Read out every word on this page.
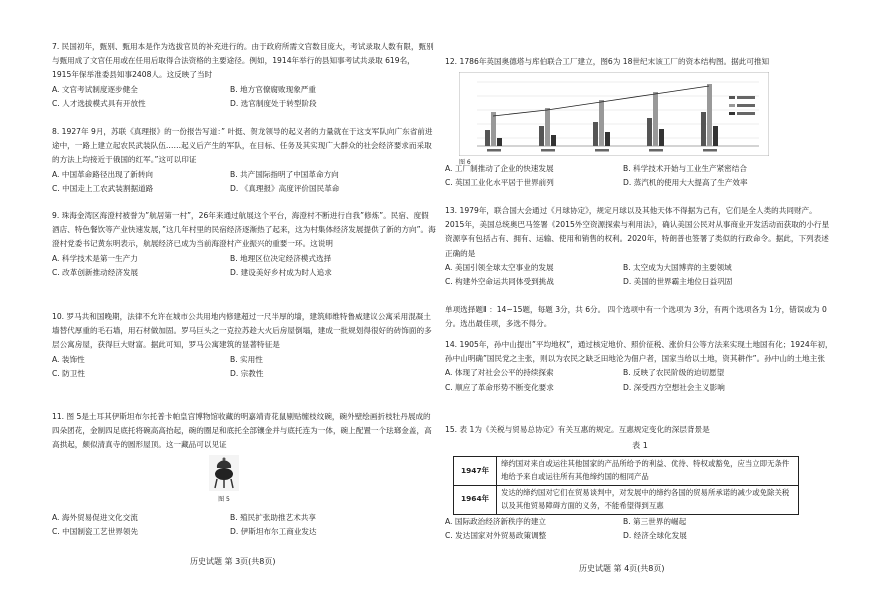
7. 民国初年，甄别、甄用本是作为选拔官员的补充进行的。由于政府所需文官数目庞大，考试录取人数有限，甄别与甄用成了文官任用或在任用后取得合法资格的主要途径。例如，1914年举行的县知事考试共录取 619名， 1915年保举准委县知事2408人。这反映了当时

A. 文官考试制度逐步健全	B. 地方官僚腐败现象严重
C. 人才选拔模式具有开放性	D. 选官制度处于转型阶段

8. 1927年 9月，苏联《真理报》的一份报告写道：” 叶挺、贺龙领导的起义者的力量就在于这支军队向广东省前进途中，一路上建立起农民武装队伍……起义后产生的军队，在目标、任务及其实现广大群众的社会经济要求而采取的方法上均接近于俄国的红军。”这可以印证

A. 中国革命路径出现了新转向	B. 共产国际指明了中国革命方向
C. 中国走上工农武装割据道路	D. 《真理报》高度评价国民革命

9. 珠海金湾区海澄村被誉为”航居第一村”，26年来通过航展这个平台，海澄村不断进行自我”修炼”。民宿、度假酒店、特色餐饮等产业快速发展，”这几年村里的民宿经济逐渐热了起来，这为村集体经济发展提供了新的方向”。海澄村党委书记黄东明表示，航展经济已成为当前海澄村产业振兴的重要一环。这说明

A. 科学技术是第一生产力	B. 地理区位决定经济模式选择
C. 改革创新推动经济发展	D. 建设美好乡村成为时人追求

10. 罗马共和国晚期，法律不允许在城市公共用地内修建超过一尺半厚的墙，建筑师维特鲁威建议公寓采用混凝土墙替代厚重的毛石墙，用石材做加固。罗马巨头之一克拉苏趁大火后房屋倒塌，建成一批规划得很好的砖饰面的多层公寓房屋，获得巨大财富。据此可知，罗马公寓建筑的显著特征是

A. 装饰性	B. 实用性
C. 防卫性	D. 宗教性

11. 图 5是土耳其伊斯坦布尔托普卡帕皇宫博物馆收藏的明嘉靖青花鼠剔贴缠枝纹碗，碗外壁绘画折枝牡丹展成的四朵团花，金制四足底托将碗高高抬起，碗的圈足和底托全部镶金并与底托连为一体，碗上配置一个珐瑯金盖，高高拱起，颇似清真寺的圆形屋顶。这一藏品可以见证

图 5
A. 海外贸易促进文化交流	B. 殖民扩张助推艺术共享
C. 中国制瓷工艺世界领先	D. 伊斯坦布尔工商业发达
历史试题 第 3页(共8页)

12. 1786年英国奥德塔与库伯联合工厂建立，图6为 18世纪末该工厂的资本结构图。据此可推知

图 6
A. 工厂制推动了企业的快速发展	B. 科学技术开始与工业生产紧密结合
C. 英国工业化水平居于世界前列	D. 蒸汽机的使用大大提高了生产效率

13. 1979年，联合国大会通过《月球协定》，规定月球以及其他天体不得据为己有，它们是全人类的共同财产。2015年，美国总统奥巴马签署《2015外空资源探索与利用法》，确认美国公民对从事商业开发活动而获取的小行星资源享有包括占有、拥有、运输、使用和销售的权利。2020年，特朗普也签署了类似的行政命令。据此，下列表述正确的是

A. 美国引领全球太空事业的发展	B. 太空成为大国博弈的主要领域
C. 构建外空命运共同体受到挑战	D. 美国的世界霸主地位日益巩固

单项选择题Ⅱ ：14~15题，每题 3分，共 6分。 四个选项中有一个选项为 3分，有两个选项各为 1分，错误或为 0分。选出最佳项，多选不得分。

14. 1905年，孙中山提出”平均地权”，通过核定地价、照价征税、涨价归公等方法来实现土地国有化；1924年初，孙中山明确”国民党之主张，则以为农民之缺乏田地沦为佃户者，国家当给以土地，资其耕作”。孙中山的土地主张

A. 体现了对社会公平的持续探索	B. 反映了农民阶级的迫切愿望
C. 顺应了革命形势不断变化要求	D. 深受西方空想社会主义影响

15. 表 1为《关税与贸易总协定》有关互惠的规定。互惠规定变化的深层背景是

表 1
1947年	缔约国对来自或运往其他国家的产品所给予的利益、优待、特权或豁免，应当立即无条件地给予来自或运往所有其他缔约国的相同产品
1964年	发达的缔约国对它们在贸易谈判中，对发展中的缔约各国的贸易所承诺的减少或免除关税以及其他贸易障碍方面的义务，不能希望得到互惠
A. 国际政治经济新秩序的建立	B. 第三世界的崛起
C. 发达国家对外贸易政策调整	D. 经济全球化发展
历史试题 第 4页(共8页)
